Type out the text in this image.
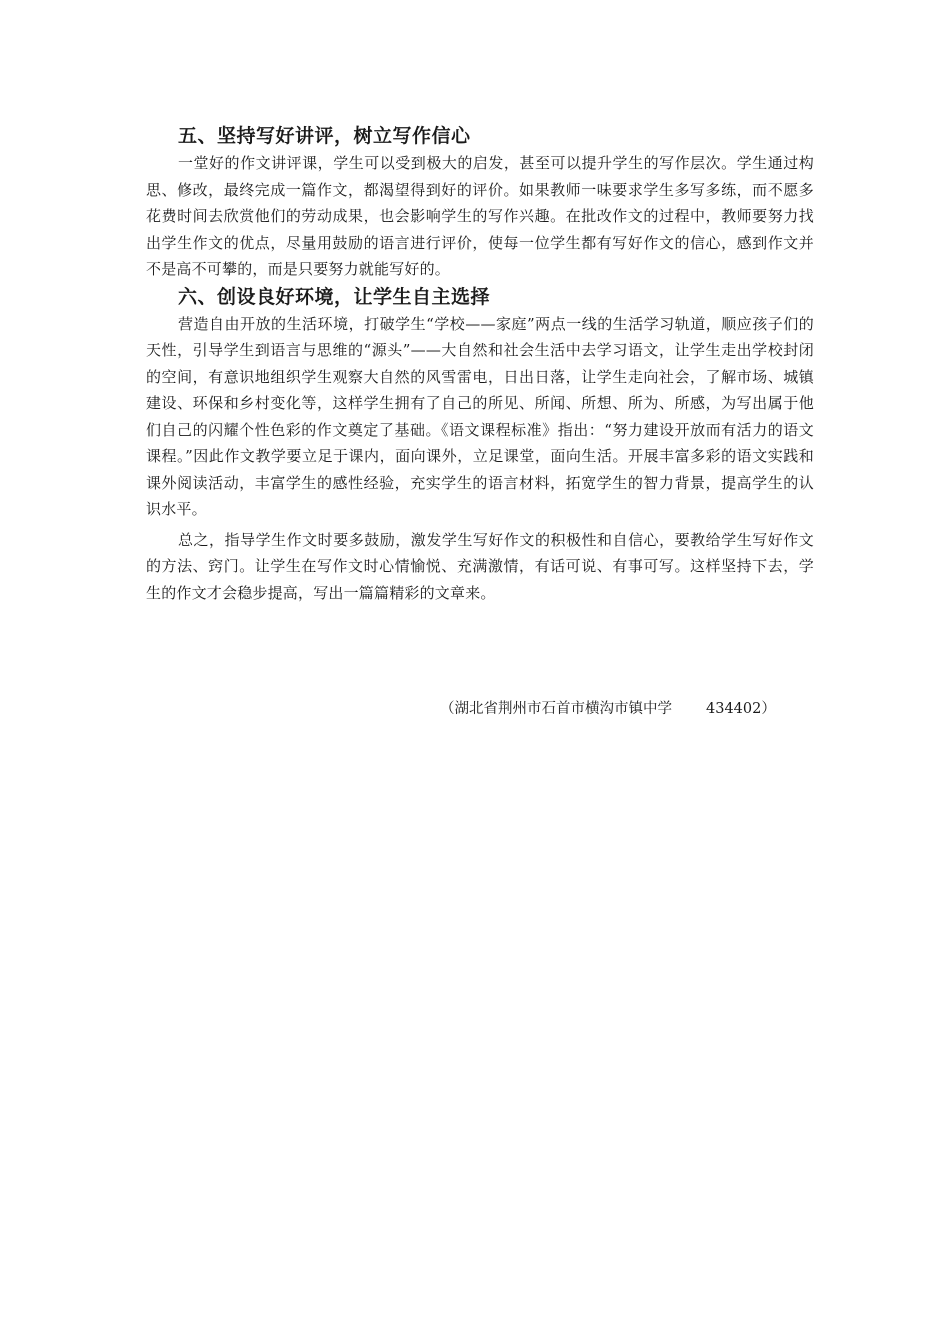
五、坚持写好讲评，树立写作信心

一堂好的作文讲评课，学生可以受到极大的启发，甚至可以提升学生的写作层次。学生通过构思、修改，最终完成一篇作文，都渴望得到好的评价。如果教师一味要求学生多写多练，而不愿多花费时间去欣赏他们的劳动成果，也会影响学生的写作兴趣。在批改作文的过程中，教师要努力找出学生作文的优点，尽量用鼓励的语言进行评价，使每一位学生都有写好作文的信心，感到作文并不是高不可攀的，而是只要努力就能写好的。

六、创设良好环境，让学生自主选择

营造自由开放的生活环境，打破学生“学校——家庭”两点一线的生活学习轨道，顺应孩子们的天性，引导学生到语言与思维的“源头”——大自然和社会生活中去学习语文，让学生走出学校封闭的空间，有意识地组织学生观察大自然的风雪雷电，日出日落，让学生走向社会，了解市场、城镇建设、环保和乡村变化等，这样学生拥有了自己的所见、所闻、所想、所为、所感，为写出属于他们自己的闪耀个性色彩的作文奠定了基础。《语文课程标准》指出：“努力建设开放而有活力的语文课程。”因此作文教学要立足于课内，面向课外，立足课堂，面向生活。开展丰富多彩的语文实践和课外阅读活动，丰富学生的感性经验，充实学生的语言材料，拓宽学生的智力背景，提高学生的认识水平。

总之，指导学生作文时要多鼓励，激发学生写好作文的积极性和自信心，要教给学生写好作文的方法、窍门。让学生在写作文时心情愉悦、充满激情，有话可说、有事可写。这样坚持下去，学生的作文才会稳步提高，写出一篇篇精彩的文章来。

（湖北省荆州市石首市横沟市镇中学 434402）
